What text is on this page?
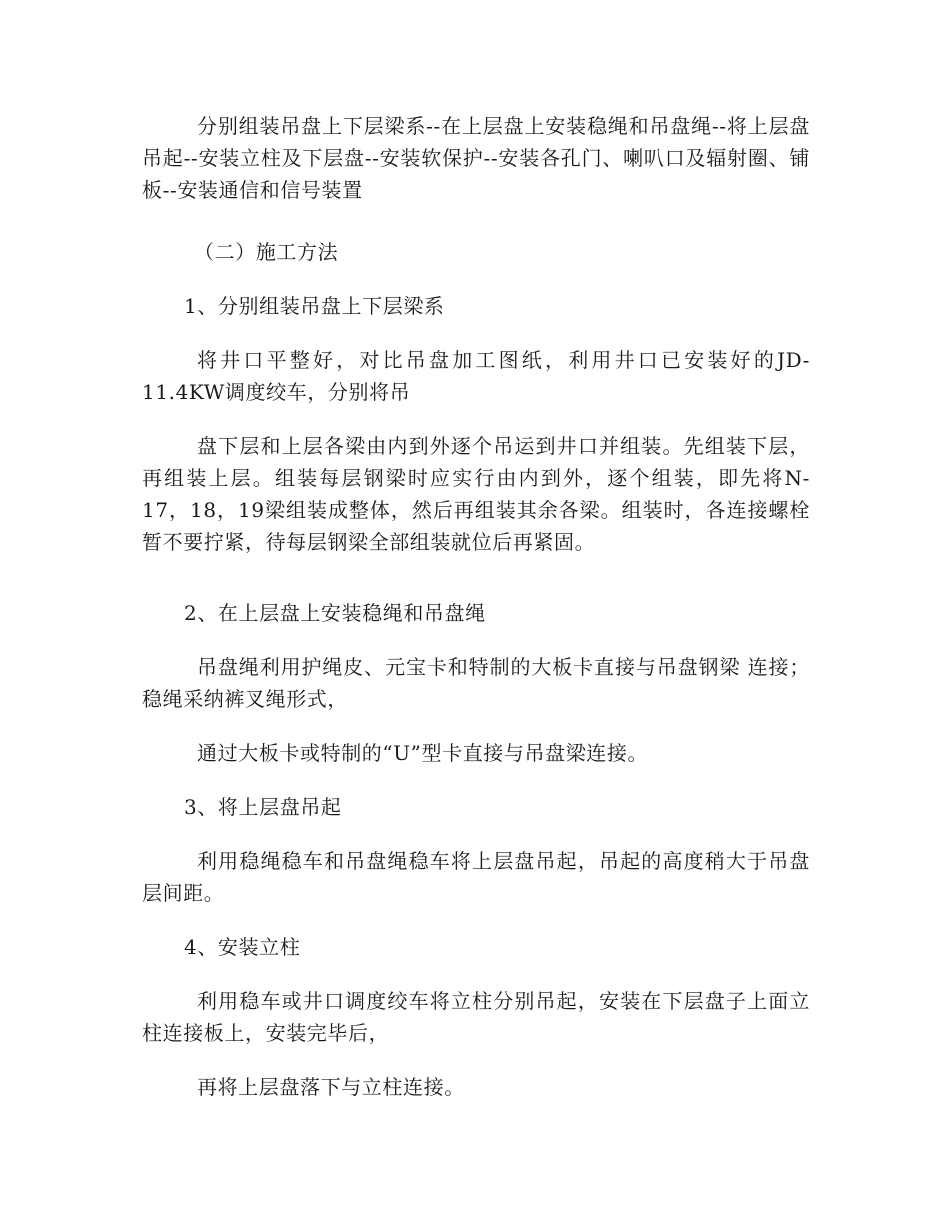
分别组装吊盘上下层梁系--在上层盘上安装稳绳和吊盘绳--将上层盘吊起--安装立柱及下层盘--安装软保护--安装各孔门、喇叭口及辐射圈、铺板--安装通信和信号装置

（二）施工方法

1、分别组装吊盘上下层梁系

将井口平整好，对比吊盘加工图纸，利用井口已安装好的JD-11.4KW调度绞车，分别将吊

盘下层和上层各梁由内到外逐个吊运到井口并组装。先组装下层，再组装上层。组装每层钢梁时应实行由内到外，逐个组装，即先将N-17，18，19梁组装成整体，然后再组装其余各梁。组装时，各连接螺栓暂不要拧紧，待每层钢梁全部组装就位后再紧固。

2、在上层盘上安装稳绳和吊盘绳

吊盘绳利用护绳皮、元宝卡和特制的大板卡直接与吊盘钢梁 连接；稳绳采纳裤叉绳形式，

通过大板卡或特制的“U”型卡直接与吊盘梁连接。

3、将上层盘吊起

利用稳绳稳车和吊盘绳稳车将上层盘吊起，吊起的高度稍大于吊盘层间距。

4、安装立柱

利用稳车或井口调度绞车将立柱分别吊起，安装在下层盘子上面立柱连接板上，安装完毕后，

再将上层盘落下与立柱连接。
